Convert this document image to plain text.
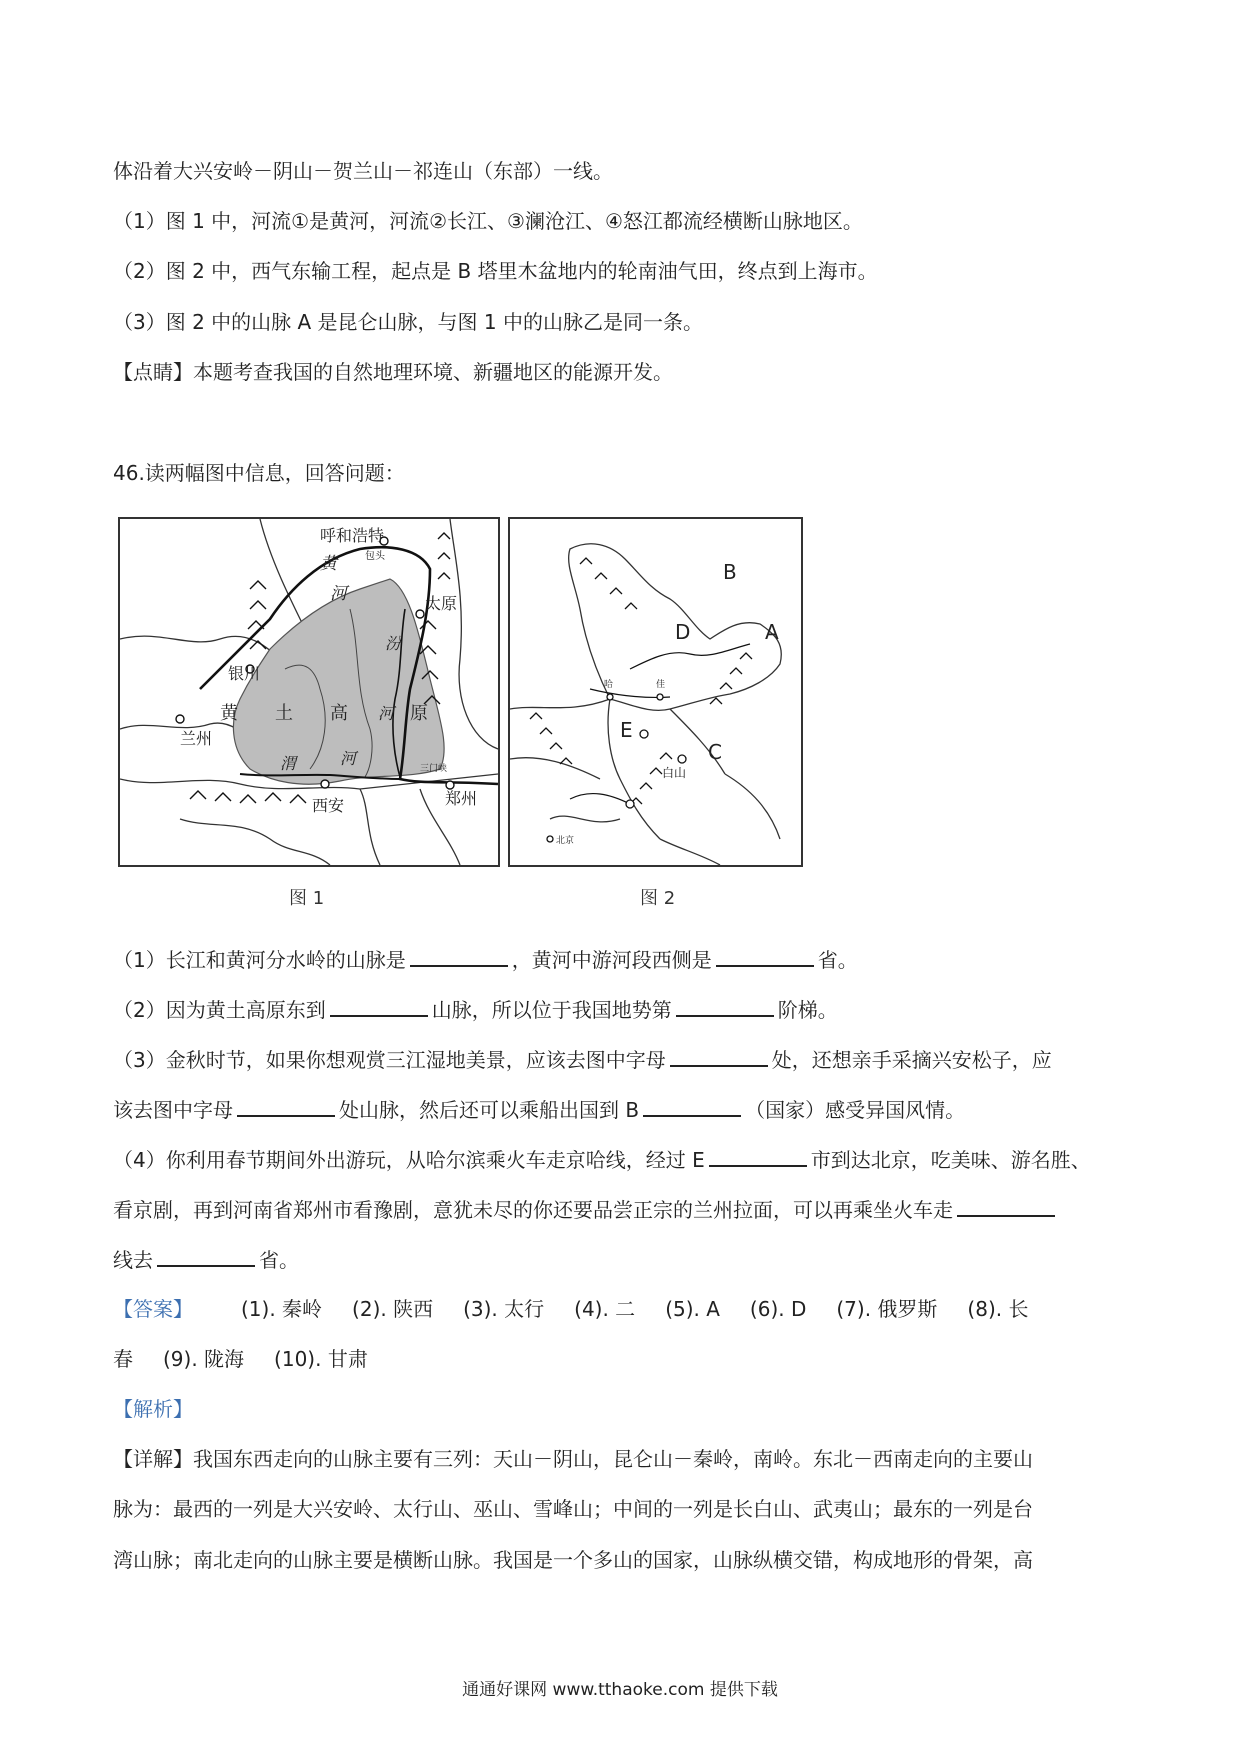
体沿着大兴安岭－阴山－贺兰山－祁连山（东部）一线。
（1）图 1 中，河流①是黄河，河流②长江、③澜沧江、④怒江都流经横断山脉地区。
（2）图 2 中，西气东输工程，起点是 B 塔里木盆地内的轮南油气田，终点到上海市。
（3）图 2 中的山脉 A 是昆仑山脉，与图 1 中的山脉乙是同一条。
【点睛】本题考查我国的自然地理环境、新疆地区的能源开发。
46.读两幅图中信息，回答问题：
呼和浩特
包头
黄
河
银川
太原
汾
河 原
黄 土 高
兰州
渭	河
西安	郑州
三门峡
图 1
B
D	A
E
C
白山
哈	佳
北京
图 2
（1）长江和黄河分水岭的山脉是	，黄河中游河段西侧是	省。
（2）因为黄土高原东到	山脉，所以位于我国地势第	阶梯。
（3）金秋时节，如果你想观赏三江湿地美景，应该去图中字母	处，还想亲手采摘兴安松子，应
该去图中字母	处山脉，然后还可以乘船出国到 B	（国家）感受异国风情。
（4）你利用春节期间外出游玩，从哈尔滨乘火车走京哈线，经过 E	市到达北京，吃美味、游名胜、
看京剧，再到河南省郑州市看豫剧，意犹未尽的你还要品尝正宗的兰州拉面，可以再乘坐火车走
线去	省。
【答案】 (1). 秦岭 (2). 陕西 (3). 太行 (4). 二 (5). A (6). D (7). 俄罗斯 (8). 长
春 (9). 陇海 (10). 甘肃
【解析】
【详解】我国东西走向的山脉主要有三列：天山－阴山，昆仑山－秦岭，南岭。东北－西南走向的主要山
脉为：最西的一列是大兴安岭、太行山、巫山、雪峰山；中间的一列是长白山、武夷山；最东的一列是台
湾山脉；南北走向的山脉主要是横断山脉。我国是一个多山的国家，山脉纵横交错，构成地形的骨架，高
通通好课网 www.tthaoke.com 提供下载
